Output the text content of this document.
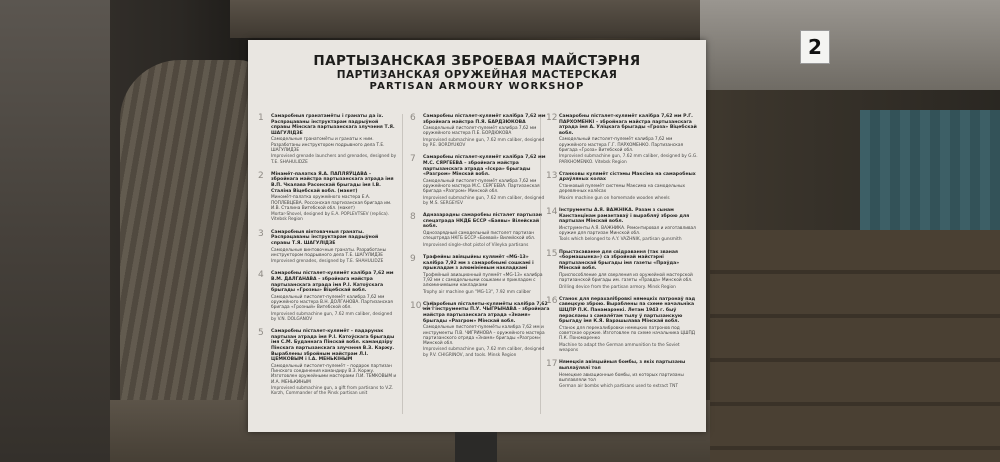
2
ПАРТЫЗАНСКАЯ ЗБРОЕВАЯ МАЙСТЭРНЯ
ПАРТИЗАНСКАЯ ОРУЖЕЙНАЯ МАСТЕРСКАЯ
PARTISAN ARMOURY WORKSHOP
1 Самаробныя гранатамёты і гранаты да іх. Распрацаваны інструктарам падрыўной справы Мінскага партызанскага злучэння Т.Я. ШАГУЛІДЗЕ
Самодельные гранатомёты и гранаты к ним. Разработаны инструктором подрывного дела Т.Е. ШАГУЛИДЗЕ
Improvised grenade launchers and grenades, designed by T.E. SHAHULIDZE
2 Мінамёт-палатка Я.А. ПАПЛЯЎЦАВА – збройнага майстра партызанскага атрада імя В.П. Чкалава Расонскай брыгады імя І.В. Сталіна Віцебскай вобл. (макет)
Миномёт-палатка оружейного мастера Е.А. ПОПЛЕВЦЕВА. Россонская партизанская бригада им. И.В. Сталина Витебской обл. (макет)
Mortar-Shovel, designed by E.A. POPLEVTSEV (replica). Vitebsk Region
3 Самаробныя вінтовачныя гранаты. Распрацаваны інструктарам падрыўной справы Т.Я. ШАГУЛІДЗЕ
Самодельные винтовочные гранаты. Разработаны инструктором подрывного дела Т.Е. ШАГУЛИДЗЕ
Improvised grenades, designed by T.E. SHAHULIDZE
4 Самаробны пісталет-кулямёт калібра 7,62 мм В.М. ДАЛГАНАВА – збройнага майстра партызанскага атрада імя Р.І. Катоўскага брыгады «Грозны» Віцебскай вобл.
Самодельный пистолет-пулемёт калибра 7,62 мм оружейного мастера В.Н. ДОЛГАНОВА. Партизанская бригада «Грозный» Витебской обл.
Improvised submachine gun, 7.62 mm caliber, designed by V.N. DOLGANOV
5 Самаробны пісталет-кулямёт – падарунак партызан атрада імя Р.І. Катоўскага брыгады імя С.М. Буданнага Пінскай вобл. камандзіру Пінскага партызанскага злучэння В.З. Каржу. Выраблены збройным майстрам Л.І. ЦЕМКОВЫМ і І.А. МЕНЬКІНЫМ
Самодельный пистолет-пулемёт – подарок партизан Пинского соединения командиру В.З. Коржу. Изготовлен оружейными мастерами Л.И. ТЕМКОВЫМ и И.А. МЕНЬКИНЫМ
Improvised submachine gun, a gift from partisans to V.Z. Korzh, Commander of the Pinsk partisan unit
6 Самаробны пісталет-кулямёт калібра 7,62 мм збройнага майстра П.Я. БАРДЗЮКОВА
Самодельный пистолет-пулемёт калибра 7,62 мм оружейного мастера П.Е. БОРДЮКОВА
Improvised submachine gun, 7.62 mm caliber, designed by P.E. BORDYUKOV
7 Самаробны пісталет-кулямёт калібра 7,62 мм М.С. СЯРГЕЕВА – збройнага майстра партызанскага атрада «Іскра» брыгады «Разгром» Мінскай вобл.
Самодельный пистолет-пулемёт калибра 7,62 мм оружейного мастера М.С. СЕРГЕЕВА. Партизанская бригада «Разгром» Минской обл.
Improvised submachine gun, 7.62 mm caliber, designed by M.S. SERGEYEV
8 Адназарадны самаробны пісталет партызан спецатрада НКДБ БССР «Баявы» Вілейскай вобл.
Однозарядный самодельный пистолет партизан спецотряда НКГБ БССР «Боевой» Вилейской обл.
Improvised single-shot pistol of Vileyka partisans
9 Трафейны авіяцыйны кулямёт «MG-13» калібра 7,92 мм з самаробнымі сошкамі і прыкладам з алюмініевым накладкамі
Трофейный авиационный пулемёт «MG-13» калибра 7,92 мм с самодельными сошками и прикладом с алюминиевыми накладками
Trophy air machine gun "MG-13", 7.92 mm caliber
10,11
Самаробныя пісталеты-кулямёты калібра 7,62 мм і інструменты П.У. ЧЫГРЫНАВА – збройнага майстра партызанскага атрада «Знамя» брыгады «Разгром» Мінскай вобл.
Самодельные пистолет-пулемёты калибра 7,62 мм и инструменты П.В. ЧИГРИНОВА – оружейного мастера партизанского отряда «Знамя» бригады «Разгром» Минской обл.
Improvised submachine gun, 7.62 mm caliber, designed by P.V. CHIGRINOV, and tools. Minsk Region
12 Самаробны пісталет-кулямёт калібра 7,62 мм Р.Г. ПАРХОМЕНКІ – збройнага майстра партызанскага атрада імя А. Уліцкага брыгады «Гроза» Віцебскай вобл.
Самодельный пистолет-пулемёт калибра 7,62 мм оружейного мастера Г.Г. ПАРХОМЕНКО. Партизанская бригада «Гроза» Витебской обл.
Improvised submachine gun, 7.62 mm caliber, designed by G.G. PARKHOMENKO. Vitebsk Region
13 Станковы кулямёт сістэмы Максіма на самаробных драўляных колах
Станковый пулемёт системы Максима на самодельных деревянных колёсах
Maxim machine gun on homemade wooden wheels
14 Інструменты А.Я. ВАЖНІКА. Разам з сынам Канстанцінам рамантаваў і вырабляў зброю для партызан Мінскай вобл.
Инструменты А.Я. ВАЖНИКА. Ремонтировал и изготавливал оружие для партизан Минской обл.
Tools which belonged to A.Y. VAZHNIK, partisan gunsmith
15 Прыстасаванне для свідравання (так званая «бормашынка») са збройнай майстэрні партызанскай брыгады імя газеты «Праўда» Мінскай вобл.
Приспособление для сверления из оружейной мастерской партизанской бригады им. газеты «Правда» Минской обл.
Drilling device from the partisan armory. Minsk Region
16 Станок для перахалібровкі нямецкіх патронаў пад савецкую зброю. Выраблены па схеме начальніка ШЦПР П.К. Панамарэнкі. Летам 1943 г. быў перасланы з самалётам тылу ў партызанскую брыгаду імя К.Я. Варашылава Мінскай вобл.
Станок для перекалибровки немецких патронов под советское оружие. Изготовлен по схеме начальника ЦШПД П.К. Пономаренко
Machine to adapt the German ammunition to the Soviet weapons
17 Нямецкія авіяцыйныя бомбы, з якіх партызаны выплаўлялі тол
Немецкие авиационные бомбы, из которых партизаны выплавляли тол
German air bombs which partisans used to extract TNT
